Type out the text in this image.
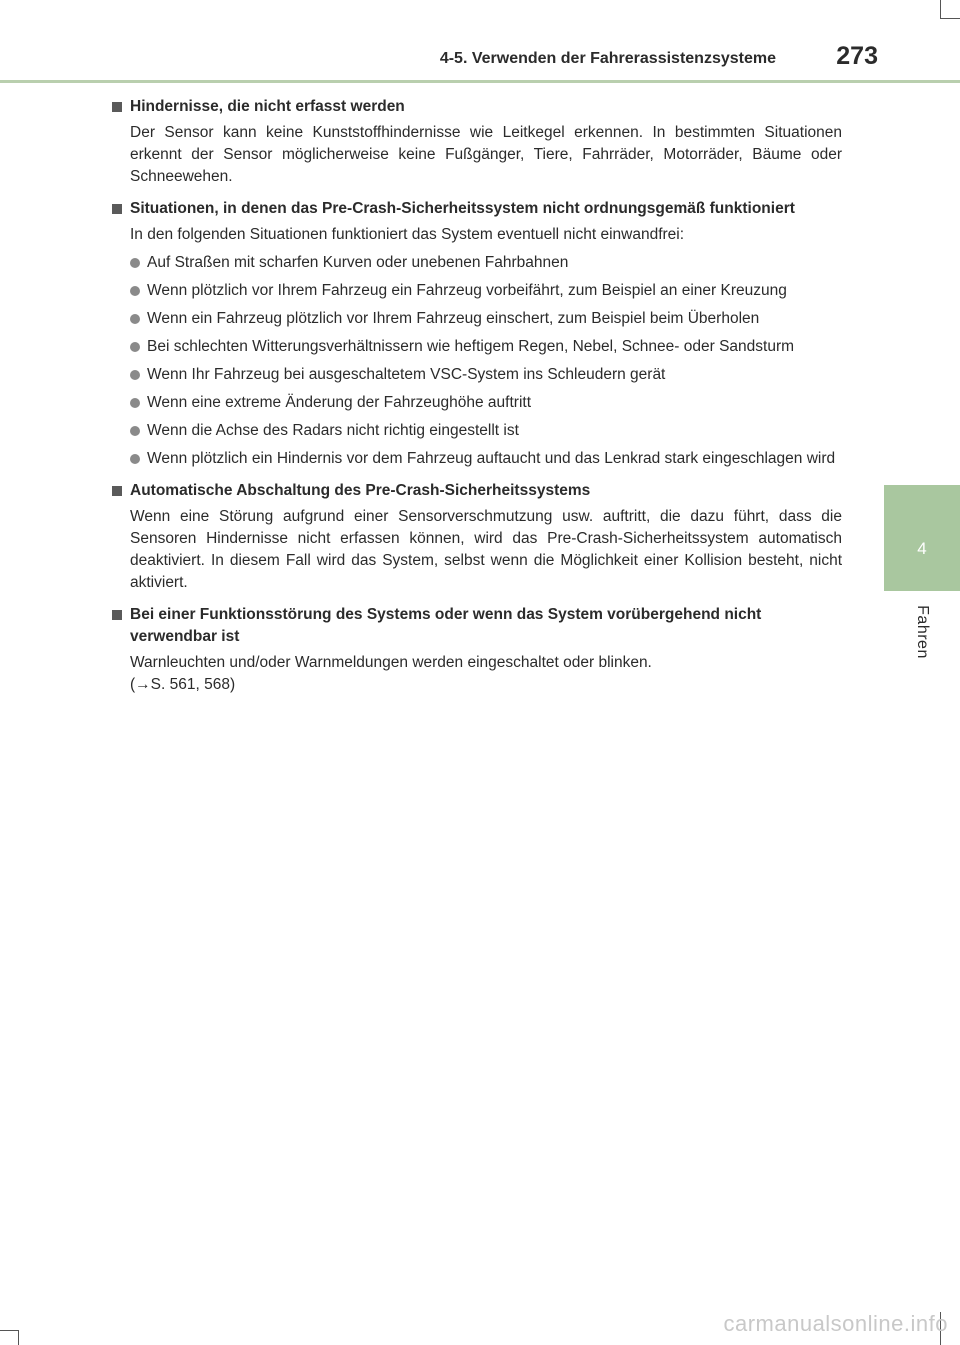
4-5. Verwenden der Fahrerassistenzsysteme 273
4
Fahren
Hindernisse, die nicht erfasst werden
Der Sensor kann keine Kunststoffhindernisse wie Leitkegel erkennen. In bestimmten Situationen erkennt der Sensor möglicherweise keine Fußgänger, Tiere, Fahrräder, Motorräder, Bäume oder Schneewehen.
Situationen, in denen das Pre-Crash-Sicherheitssystem nicht ordnungsgemäß funktioniert
In den folgenden Situationen funktioniert das System eventuell nicht einwandfrei:
Auf Straßen mit scharfen Kurven oder unebenen Fahrbahnen
Wenn plötzlich vor Ihrem Fahrzeug ein Fahrzeug vorbeifährt, zum Beispiel an einer Kreuzung
Wenn ein Fahrzeug plötzlich vor Ihrem Fahrzeug einschert, zum Beispiel beim Überholen
Bei schlechten Witterungsverhältnissern wie heftigem Regen, Nebel, Schnee- oder Sandsturm
Wenn Ihr Fahrzeug bei ausgeschaltetem VSC-System ins Schleudern gerät
Wenn eine extreme Änderung der Fahrzeughöhe auftritt
Wenn die Achse des Radars nicht richtig eingestellt ist
Wenn plötzlich ein Hindernis vor dem Fahrzeug auftaucht und das Lenkrad stark eingeschlagen wird
Automatische Abschaltung des Pre-Crash-Sicherheitssystems
Wenn eine Störung aufgrund einer Sensorverschmutzung usw. auftritt, die dazu führt, dass die Sensoren Hindernisse nicht erfassen können, wird das Pre-Crash-Sicherheitssystem automatisch deaktiviert. In diesem Fall wird das System, selbst wenn die Möglichkeit einer Kollision besteht, nicht aktiviert.
Bei einer Funktionsstörung des Systems oder wenn das System vorübergehend nicht verwendbar ist
Warnleuchten und/oder Warnmeldungen werden eingeschaltet oder blinken.
(→S. 561, 568)
carmanualsonline.info
